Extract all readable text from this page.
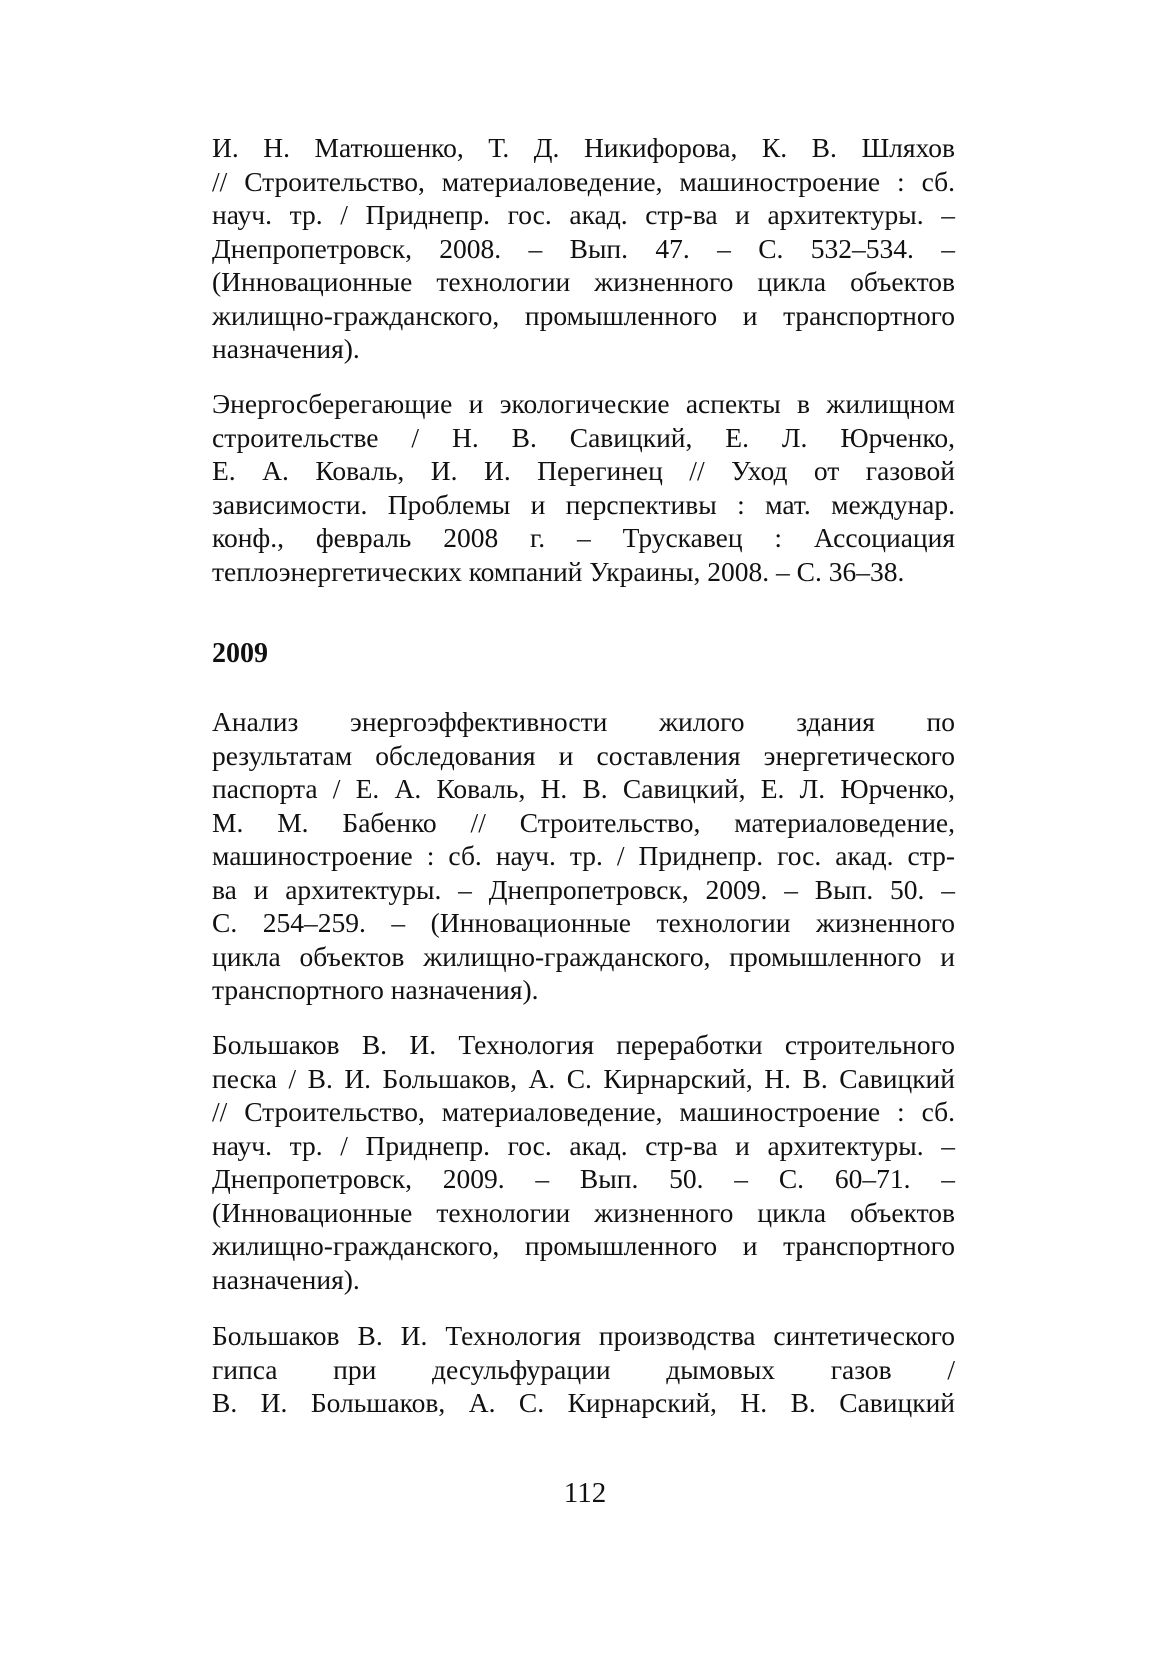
И. Н. Матюшенко, Т. Д. Никифорова, К. В. Шляхов
// Строительство, материаловедение, машиностроение : сб.
науч. тр. / Приднепр. гос. акад. стр-ва и архитектуры. –
Днепропетровск, 2008. – Вып. 47. – С. 532–534. –
(Инновационные технологии жизненного цикла объектов
жилищно-гражданского, промышленного и транспортного
назначения).
Энергосберегающие и экологические аспекты в жилищном
строительстве / Н. В. Савицкий, Е. Л. Юрченко,
Е. А. Коваль, И. И. Перегинец // Уход от газовой
зависимости. Проблемы и перспективы : мат. междунар.
конф., февраль 2008 г. – Трускавец : Ассоциация
теплоэнергетических компаний Украины, 2008. – С. 36–38.
2009
Анализ энергоэффективности жилого здания по
результатам обследования и составления энергетического
паспорта / Е. А. Коваль, Н. В. Савицкий, Е. Л. Юрченко,
М. М. Бабенко // Строительство, материаловедение,
машиностроение : сб. науч. тр. / Приднепр. гос. акад. стр-
ва и архитектуры. – Днепропетровск, 2009. – Вып. 50. –
С. 254–259. – (Инновационные технологии жизненного
цикла объектов жилищно-гражданского, промышленного и
транспортного назначения).
Большаков В. И. Технология переработки строительного
песка / В. И. Большаков, А. С. Кирнарский, Н. В. Савицкий
// Строительство, материаловедение, машиностроение : сб.
науч. тр. / Приднепр. гос. акад. стр-ва и архитектуры. –
Днепропетровск, 2009. – Вып. 50. – С. 60–71. –
(Инновационные технологии жизненного цикла объектов
жилищно-гражданского, промышленного и транспортного
назначения).
Большаков В. И. Технология производства синтетического
гипса при десульфурации дымовых газов /
В. И. Большаков, А. С. Кирнарский, Н. В. Савицкий
112
